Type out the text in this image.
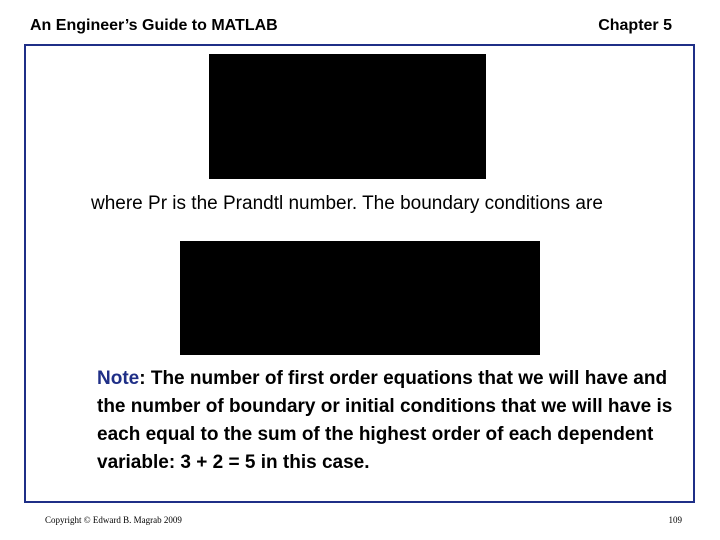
An Engineer’s Guide to MATLAB	Chapter 5
where Pr is the Prandtl number. The boundary conditions are
Note: The number of first order equations that we will have and the number of boundary or initial conditions that we will have is each equal to the sum of the highest order of each dependent variable: 3 + 2 = 5 in this case.
Copyright © Edward B. Magrab 2009	109
